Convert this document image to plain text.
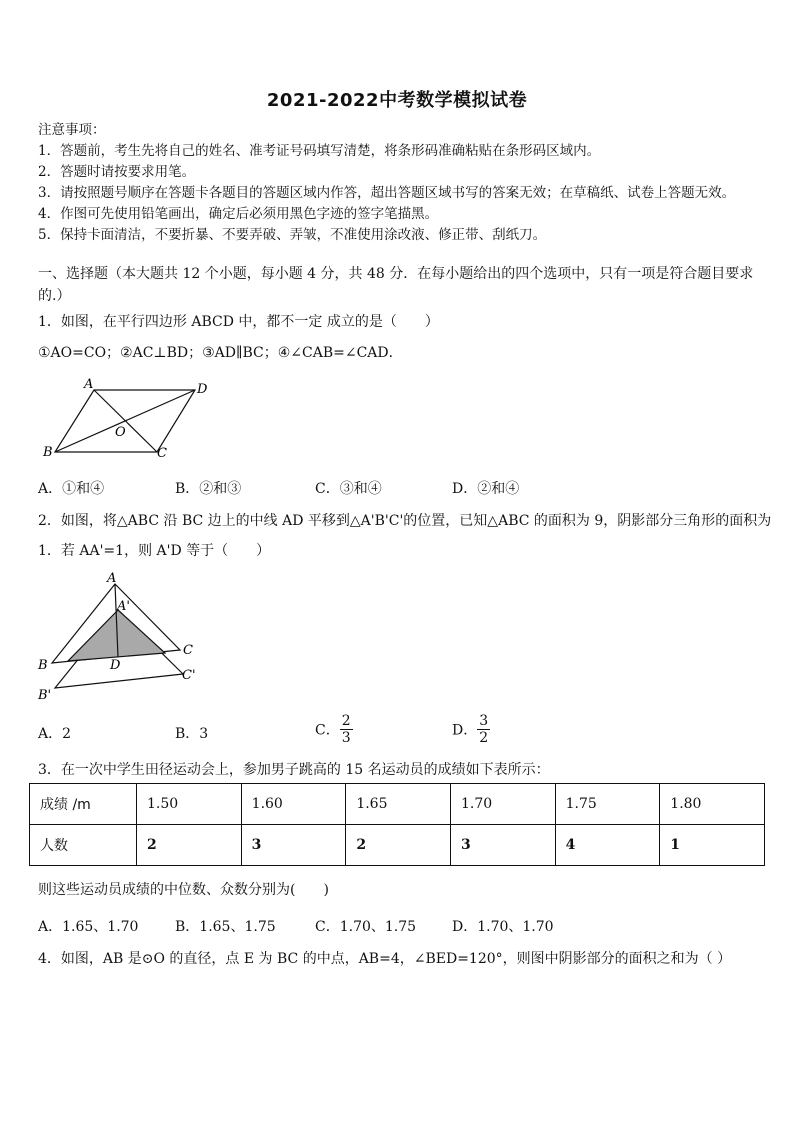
2021-2022中考数学模拟试卷
注意事项：
1．答题前，考生先将自己的姓名、准考证号码填写清楚，将条形码准确粘贴在条形码区域内。
2．答题时请按要求用笔。
3．请按照题号顺序在答题卡各题目的答题区域内作答，超出答题区域书写的答案无效；在草稿纸、试卷上答题无效。
4．作图可先使用铅笔画出，确定后必须用黑色字迹的签字笔描黑。
5．保持卡面清洁，不要折暴、不要弄破、弄皱，不准使用涂改液、修正带、刮纸刀。
一、选择题（本大题共 12 个小题，每小题 4 分，共 48 分．在每小题给出的四个选项中，只有一项是符合题目要求的.）
1．如图，在平行四边形 ABCD 中，都不一定 成立的是（　　）
①AO=CO；②AC⊥BD；③AD∥BC；④∠CAB=∠CAD．
A	D
B	C
O
A．①和④	B．②和③	C．③和④	D．②和④
2．如图，将△ABC 沿 BC 边上的中线 AD 平移到△A'B'C'的位置，已知△ABC 的面积为 9，阴影部分三角形的面积为
1．若 AA'=1，则 A'D 等于（　　）
A
A'
B	D
C
B'
C'
A．2	B．3	C． $\frac{2}{3}$	D． $\frac{3}{2}$
3．在一次中学生田径运动会上，参加男子跳高的 15 名运动员的成绩如下表所示：
成绩 /m	1.50	1.60	1.65	1.70	1.75	1.80
人数	2	3	2	3	4	1
则这些运动员成绩的中位数、众数分别为(　　)
A．1.65、1.70	B．1.65、1.75	C．1.70、1.75	D．1.70、1.70
4．如图，AB 是⊙O 的直径，点 E 为 BC 的中点，AB=4，∠BED=120°，则图中阴影部分的面积之和为（ ）
